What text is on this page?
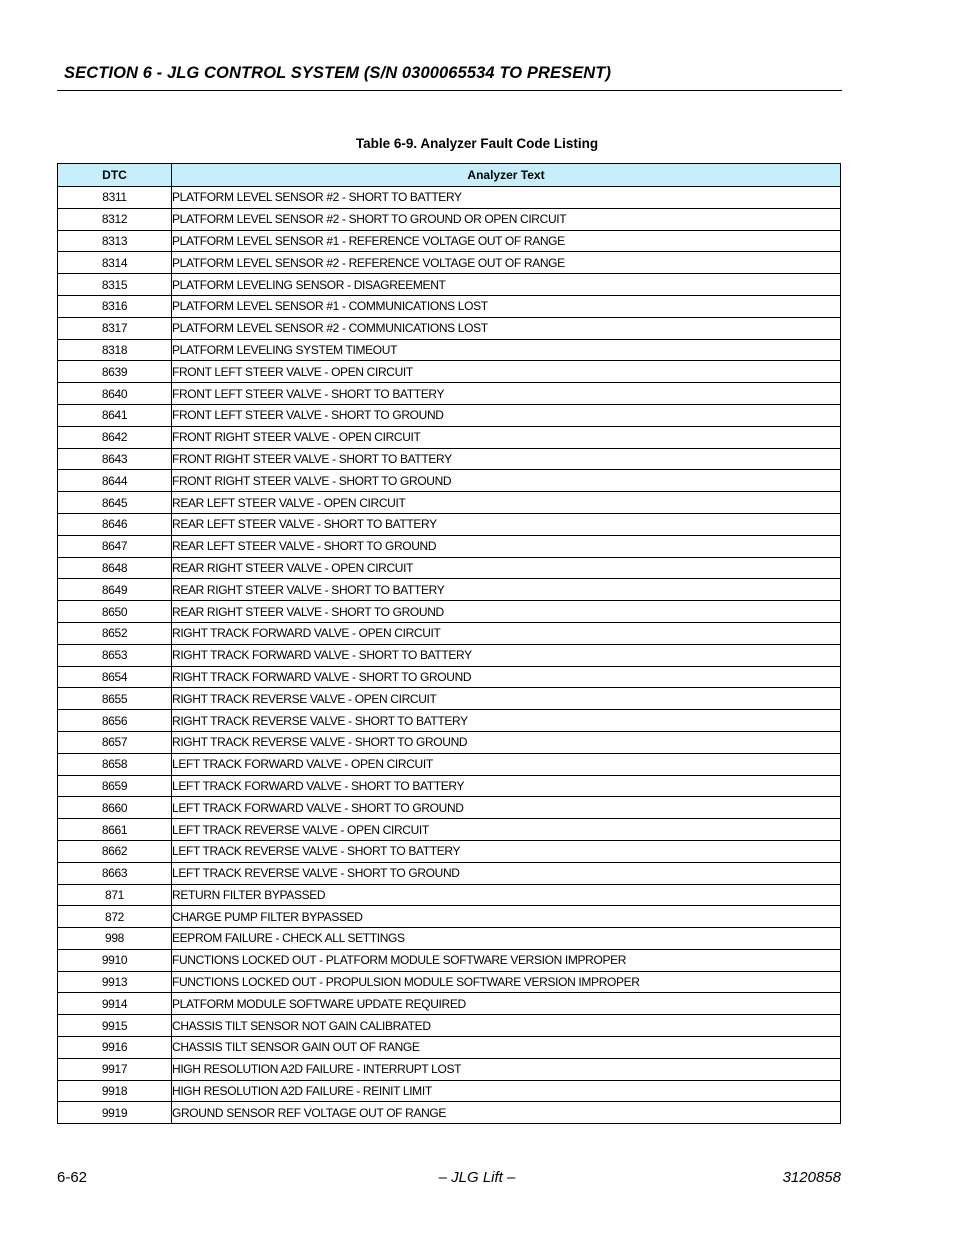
SECTION 6 - JLG CONTROL SYSTEM (S/N 0300065534 TO PRESENT)
Table 6-9. Analyzer Fault Code Listing
DTC	Analyzer Text
8311	PLATFORM LEVEL SENSOR #2 - SHORT TO BATTERY
8312	PLATFORM LEVEL SENSOR #2 - SHORT TO GROUND OR OPEN CIRCUIT
8313	PLATFORM LEVEL SENSOR #1 - REFERENCE VOLTAGE OUT OF RANGE
8314	PLATFORM LEVEL SENSOR #2 - REFERENCE VOLTAGE OUT OF RANGE
8315	PLATFORM LEVELING SENSOR - DISAGREEMENT
8316	PLATFORM LEVEL SENSOR #1 - COMMUNICATIONS LOST
8317	PLATFORM LEVEL SENSOR #2 - COMMUNICATIONS LOST
8318	PLATFORM LEVELING SYSTEM TIMEOUT
8639	FRONT LEFT STEER VALVE - OPEN CIRCUIT
8640	FRONT LEFT STEER VALVE - SHORT TO BATTERY
8641	FRONT LEFT STEER VALVE - SHORT TO GROUND
8642	FRONT RIGHT STEER VALVE - OPEN CIRCUIT
8643	FRONT RIGHT STEER VALVE - SHORT TO BATTERY
8644	FRONT RIGHT STEER VALVE - SHORT TO GROUND
8645	REAR LEFT STEER VALVE - OPEN CIRCUIT
8646	REAR LEFT STEER VALVE - SHORT TO BATTERY
8647	REAR LEFT STEER VALVE - SHORT TO GROUND
8648	REAR RIGHT STEER VALVE - OPEN CIRCUIT
8649	REAR RIGHT STEER VALVE - SHORT TO BATTERY
8650	REAR RIGHT STEER VALVE - SHORT TO GROUND
8652	RIGHT TRACK FORWARD VALVE - OPEN CIRCUIT
8653	RIGHT TRACK FORWARD VALVE - SHORT TO BATTERY
8654	RIGHT TRACK FORWARD VALVE - SHORT TO GROUND
8655	RIGHT TRACK REVERSE VALVE - OPEN CIRCUIT
8656	RIGHT TRACK REVERSE VALVE - SHORT TO BATTERY
8657	RIGHT TRACK REVERSE VALVE - SHORT TO GROUND
8658	LEFT TRACK FORWARD VALVE - OPEN CIRCUIT
8659	LEFT TRACK FORWARD VALVE - SHORT TO BATTERY
8660	LEFT TRACK FORWARD VALVE - SHORT TO GROUND
8661	LEFT TRACK REVERSE VALVE - OPEN CIRCUIT
8662	LEFT TRACK REVERSE VALVE - SHORT TO BATTERY
8663	LEFT TRACK REVERSE VALVE - SHORT TO GROUND
871	RETURN FILTER BYPASSED
872	CHARGE PUMP FILTER BYPASSED
998	EEPROM FAILURE - CHECK ALL SETTINGS
9910	FUNCTIONS LOCKED OUT - PLATFORM MODULE SOFTWARE VERSION IMPROPER
9913	FUNCTIONS LOCKED OUT - PROPULSION MODULE SOFTWARE VERSION IMPROPER
9914	PLATFORM MODULE SOFTWARE UPDATE REQUIRED
9915	CHASSIS TILT SENSOR NOT GAIN CALIBRATED
9916	CHASSIS TILT SENSOR GAIN OUT OF RANGE
9917	HIGH RESOLUTION A2D FAILURE - INTERRUPT LOST
9918	HIGH RESOLUTION A2D FAILURE - REINIT LIMIT
9919	GROUND SENSOR REF VOLTAGE OUT OF RANGE
6-62	– JLG Lift –	3120858
